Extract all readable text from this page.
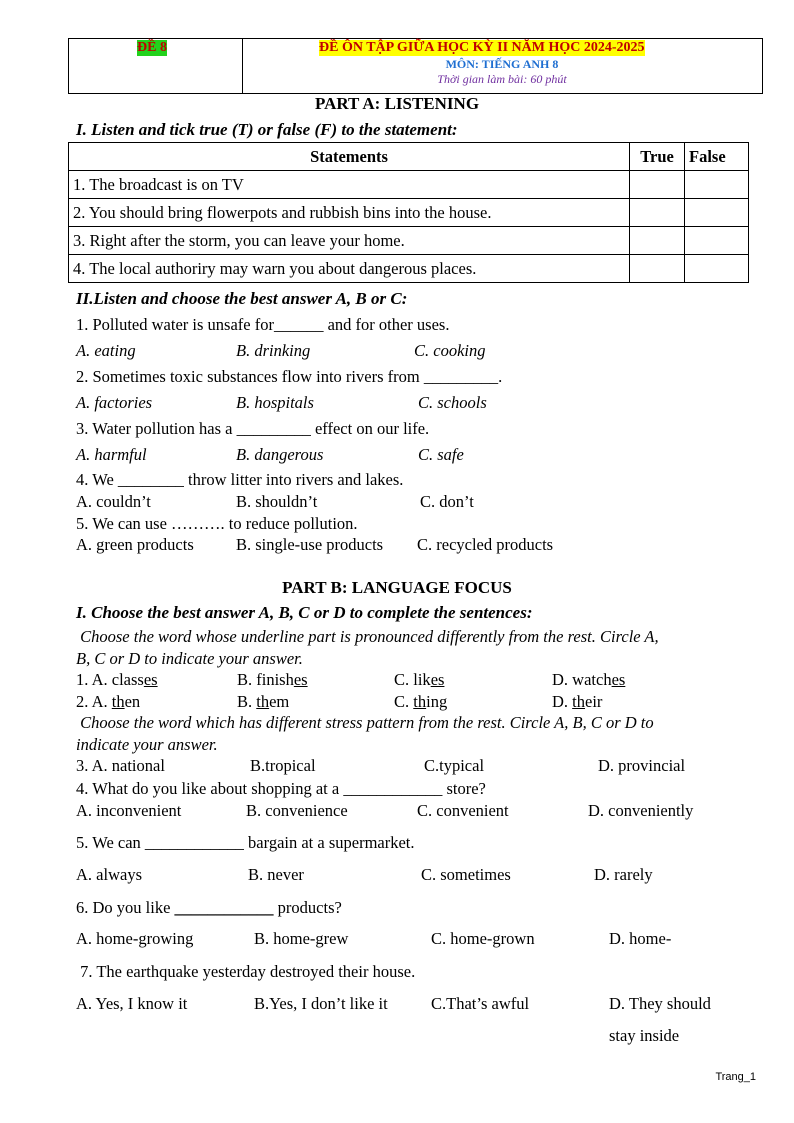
ĐỀ 8	ĐỀ ÔN TẬP GIỮA HỌC KỲ II NĂM HỌC 2024-2025
MÔN: TIẾNG ANH 8
Thời gian làm bài: 60 phút
PART A: LISTENING
I. Listen and tick true (T) or false (F) to the statement:
Statements	True	False
1. The broadcast is on TV		
2. You should bring flowerpots and rubbish bins into the house.		
3. Right after the storm, you can leave your home.		
4. The local authoriry may warn you about dangerous places.		
II.Listen and choose the best answer A, B or C:
1. Polluted water is unsafe for______ and for other uses.
A. eating	B. drinking	C. cooking
2. Sometimes toxic substances flow into rivers from _________.
A. factories	B. hospitals	C. schools
3. Water pollution has a _________ effect on our life.
A. harmful	B. dangerous	C. safe
4. We ________ throw litter into rivers and lakes.
A. couldn’t	B. shouldn’t	C. don’t
5. We can use ………. to reduce pollution.
A. green products	B. single-use products C. recycled products
PART B: LANGUAGE FOCUS
I. Choose the best answer A, B, C or D to complete the sentences:
Choose the word whose underline part is pronounced differently from the rest. Circle A,
B, C or D to indicate your answer.
1. A. classes	B. finishes	C. likes	D. watches
2. A. then	B. them	C. thing	D. their
Choose the word which has different stress pattern from the rest. Circle A, B, C or D to
indicate your answer.
3. A. national	B.tropical	C.typical	D. provincial
4. What do you like about shopping at a ____________ store?
A. inconvenient	B. convenience	C. convenient	D. conveniently
5. We can ____________ bargain at a supermarket.
A. always	B. never	C. sometimes	D. rarely
6. Do you like ____________ products?
A. home-growing	B. home-grew	C. home-grown	D. home-
7. The earthquake yesterday destroyed their house.
A. Yes, I know it	B.Yes, I don’t like it	C.That’s awful	D. They should
stay inside
Trang_1
